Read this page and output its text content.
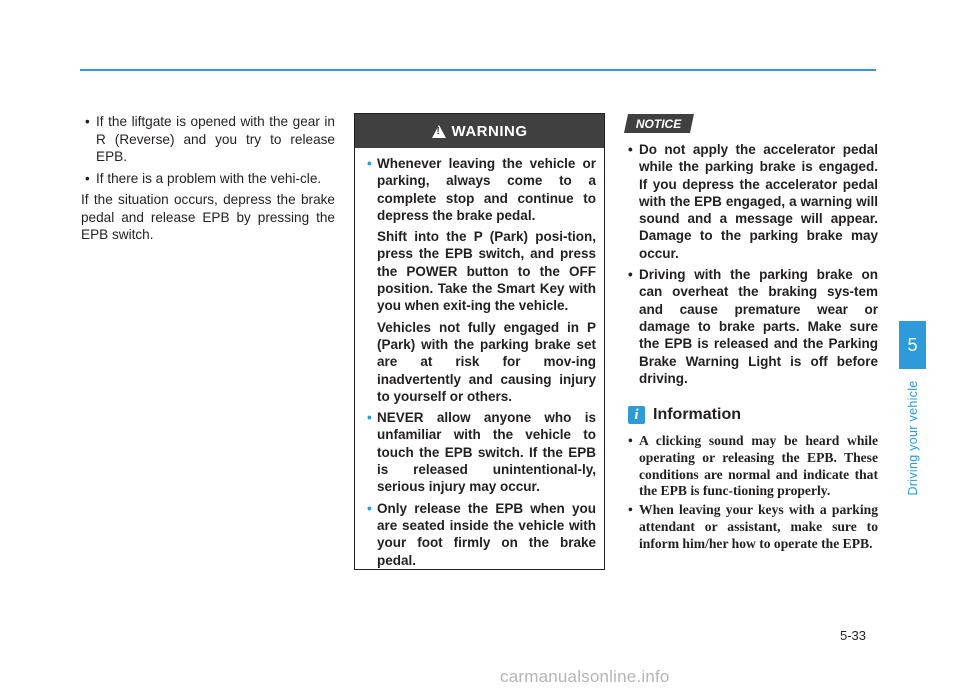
• If the liftgate is opened with the gear in R (Reverse) and you try to release EPB.
• If there is a problem with the vehi-cle.
If the situation occurs, depress the brake pedal and release EPB by pressing the EPB switch.
!
WARNING
• Whenever leaving the vehicle or parking, always come to a complete stop and continue to depress the brake pedal.
Shift into the P (Park) posi-tion, press the EPB switch, and press the POWER button to the OFF position. Take the Smart Key with you when exit-ing the vehicle.
Vehicles not fully engaged in P (Park) with the parking brake set are at risk for mov-ing inadvertently and causing injury to yourself or others.
• NEVER allow anyone who is unfamiliar with the vehicle to touch the EPB switch. If the EPB is released unintentional-ly, serious injury may occur.
• Only release the EPB when you are seated inside the vehicle with your foot firmly on the brake pedal.
NOTICE
• Do not apply the accelerator pedal while the parking brake is engaged. If you depress the accelerator pedal with the EPB engaged, a warning will sound and a message will appear. Damage to the parking brake may occur.
• Driving with the parking brake on can overheat the braking sys-tem and cause premature wear or damage to brake parts. Make sure the EPB is released and the Parking Brake Warning Light is off before driving.
i Information
• A clicking sound may be heard while operating or releasing the EPB. These conditions are normal and indicate that the EPB is func-tioning properly.
• When leaving your keys with a parking attendant or assistant, make sure to inform him/her how to operate the EPB.
5
Driving your vehicle
5-33
carmanualsonline.info
